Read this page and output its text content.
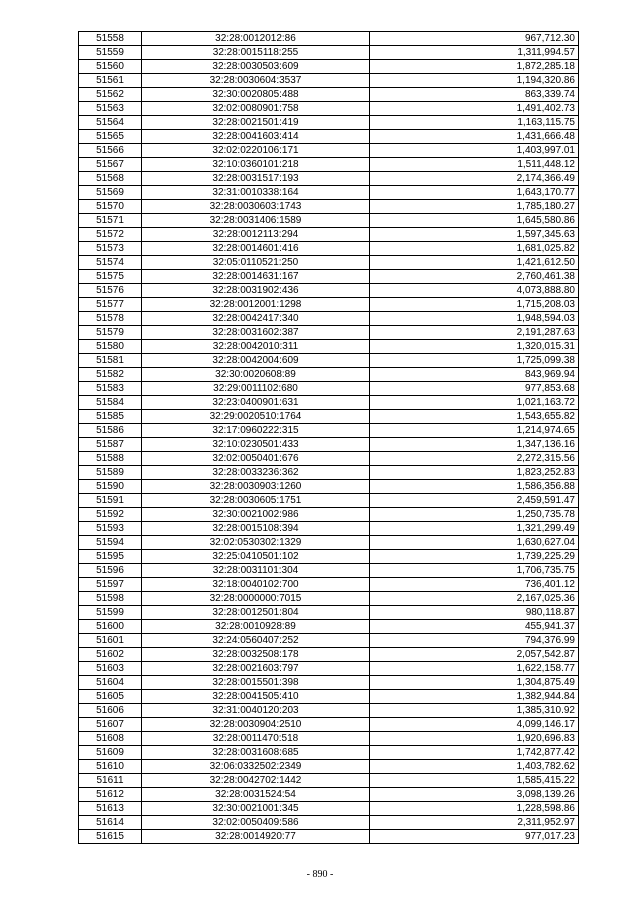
51558	32:28:0012012:86	967,712.30
51559	32:28:0015118:255	1,311,994.57
51560	32:28:0030503:609	1,872,285.18
51561	32:28:0030604:3537	1,194,320.86
51562	32:30:0020805:488	863,339.74
51563	32:02:0080901:758	1,491,402.73
51564	32:28:0021501:419	1,163,115.75
51565	32:28:0041603:414	1,431,666.48
51566	32:02:0220106:171	1,403,997.01
51567	32:10:0360101:218	1,511,448.12
51568	32:28:0031517:193	2,174,366.49
51569	32:31:0010338:164	1,643,170.77
51570	32:28:0030603:1743	1,785,180.27
51571	32:28:0031406:1589	1,645,580.86
51572	32:28:0012113:294	1,597,345.63
51573	32:28:0014601:416	1,681,025.82
51574	32:05:0110521:250	1,421,612.50
51575	32:28:0014631:167	2,760,461.38
51576	32:28:0031902:436	4,073,888.80
51577	32:28:0012001:1298	1,715,208.03
51578	32:28:0042417:340	1,948,594.03
51579	32:28:0031602:387	2,191,287.63
51580	32:28:0042010:311	1,320,015.31
51581	32:28:0042004:609	1,725,099.38
51582	32:30:0020608:89	843,969.94
51583	32:29:0011102:680	977,853.68
51584	32:23:0400901:631	1,021,163.72
51585	32:29:0020510:1764	1,543,655.82
51586	32:17:0960222:315	1,214,974.65
51587	32:10:0230501:433	1,347,136.16
51588	32:02:0050401:676	2,272,315.56
51589	32:28:0033236:362	1,823,252.83
51590	32:28:0030903:1260	1,586,356.88
51591	32:28:0030605:1751	2,459,591.47
51592	32:30:0021002:986	1,250,735.78
51593	32:28:0015108:394	1,321,299.49
51594	32:02:0530302:1329	1,630,627.04
51595	32:25:0410501:102	1,739,225.29
51596	32:28:0031101:304	1,706,735.75
51597	32:18:0040102:700	736,401.12
51598	32:28:0000000:7015	2,167,025.36
51599	32:28:0012501:804	980,118.87
51600	32:28:0010928:89	455,941.37
51601	32:24:0560407:252	794,376.99
51602	32:28:0032508:178	2,057,542.87
51603	32:28:0021603:797	1,622,158.77
51604	32:28:0015501:398	1,304,875.49
51605	32:28:0041505:410	1,382,944.84
51606	32:31:0040120:203	1,385,310.92
51607	32:28:0030904:2510	4,099,146.17
51608	32:28:0011470:518	1,920,696.83
51609	32:28:0031608:685	1,742,877.42
51610	32:06:0332502:2349	1,403,782.62
51611	32:28:0042702:1442	1,585,415.22
51612	32:28:0031524:54	3,098,139.26
51613	32:30:0021001:345	1,228,598.86
51614	32:02:0050409:586	2,311,952.97
51615	32:28:0014920:77	977,017.23
- 890 -
